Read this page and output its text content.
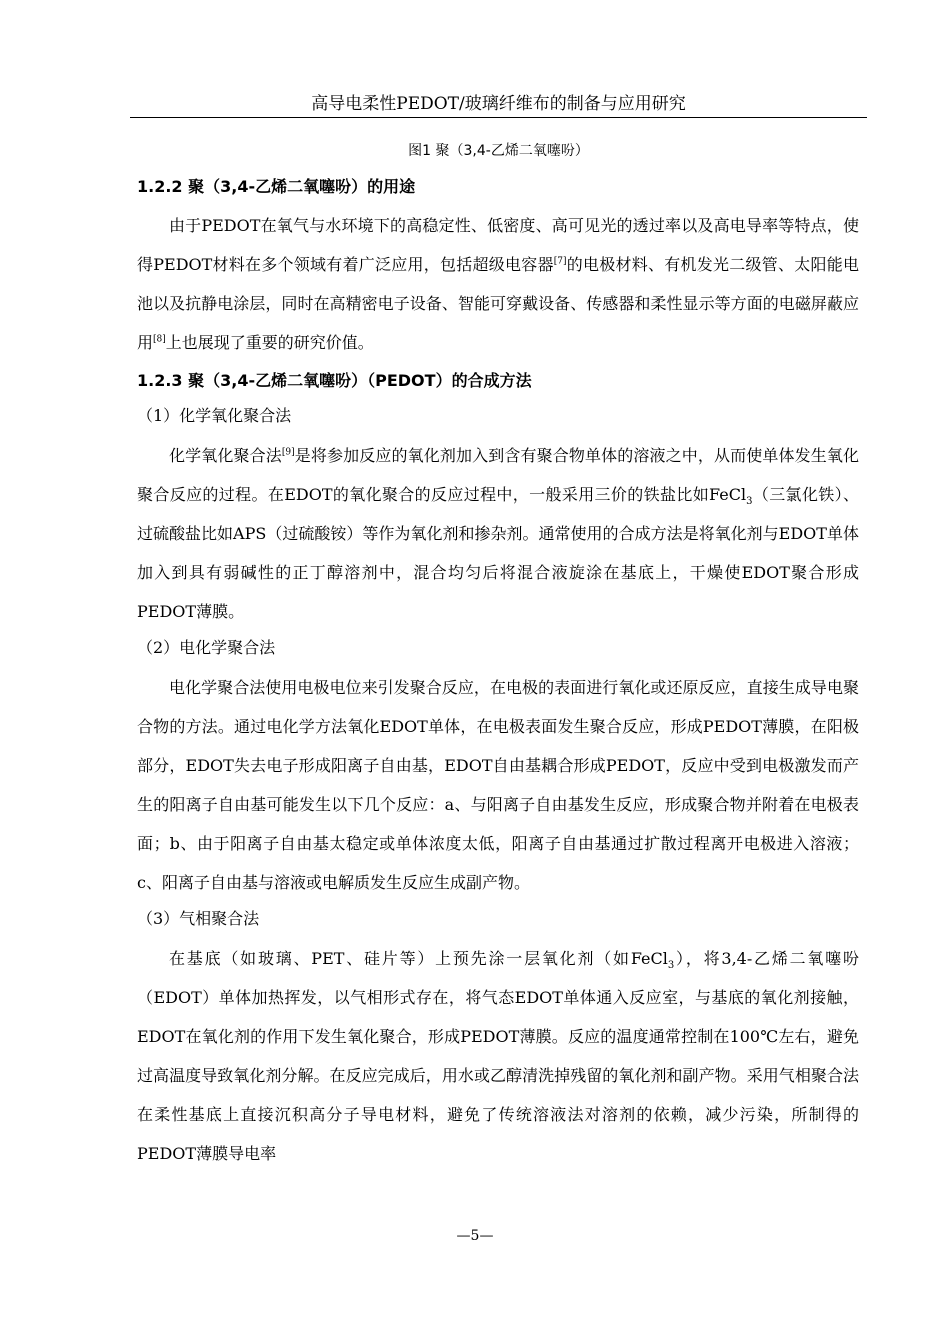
高导电柔性PEDOT/玻璃纤维布的制备与应用研究
图1 聚（3,4-乙烯二氧噻吩）
1.2.2 聚（3,4-乙烯二氧噻吩）的用途

由于PEDOT在氧气与水环境下的高稳定性、低密度、高可见光的透过率以及高电导率等特点，使得PEDOT材料在多个领域有着广泛应用，包括超级电容器[7]的电极材料、有机发光二级管、太阳能电池以及抗静电涂层，同时在高精密电子设备、智能可穿戴设备、传感器和柔性显示等方面的电磁屏蔽应用[8]上也展现了重要的研究价值。

1.2.3 聚（3,4-乙烯二氧噻吩）（PEDOT）的合成方法
（1）化学氧化聚合法

化学氧化聚合法[9]是将参加反应的氧化剂加入到含有聚合物单体的溶液之中，从而使单体发生氧化聚合反应的过程。在EDOT的氧化聚合的反应过程中，一般采用三价的铁盐比如FeCl$_3$（三氯化铁）、过硫酸盐比如APS（过硫酸铵）等作为氧化剂和掺杂剂。通常使用的合成方法是将氧化剂与EDOT单体加入到具有弱碱性的正丁醇溶剂中，混合均匀后将混合液旋涂在基底上，干燥使EDOT聚合形成PEDOT薄膜。

（2）电化学聚合法

电化学聚合法使用电极电位来引发聚合反应，在电极的表面进行氧化或还原反应，直接生成导电聚合物的方法。通过电化学方法氧化EDOT单体，在电极表面发生聚合反应，形成PEDOT薄膜，在阳极部分，EDOT失去电子形成阳离子自由基，EDOT自由基耦合形成PEDOT，反应中受到电极激发而产生的阳离子自由基可能发生以下几个反应：a、与阳离子自由基发生反应，形成聚合物并附着在电极表面；b、由于阳离子自由基太稳定或单体浓度太低，阳离子自由基通过扩散过程离开电极进入溶液；c、阳离子自由基与溶液或电解质发生反应生成副产物。

（3）气相聚合法

在基底（如玻璃、PET、硅片等）上预先涂一层氧化剂（如FeCl$_3$），将3,4-乙烯二氧噻吩（EDOT）单体加热挥发，以气相形式存在，将气态EDOT单体通入反应室，与基底的氧化剂接触，EDOT在氧化剂的作用下发生氧化聚合，形成PEDOT薄膜。反应的温度通常控制在100℃左右，避免过高温度导致氧化剂分解。在反应完成后，用水或乙醇清洗掉残留的氧化剂和副产物。采用气相聚合法在柔性基底上直接沉积高分子导电材料，避免了传统溶液法对溶剂的依赖，减少污染，所制得的PEDOT薄膜导电率

—5—
